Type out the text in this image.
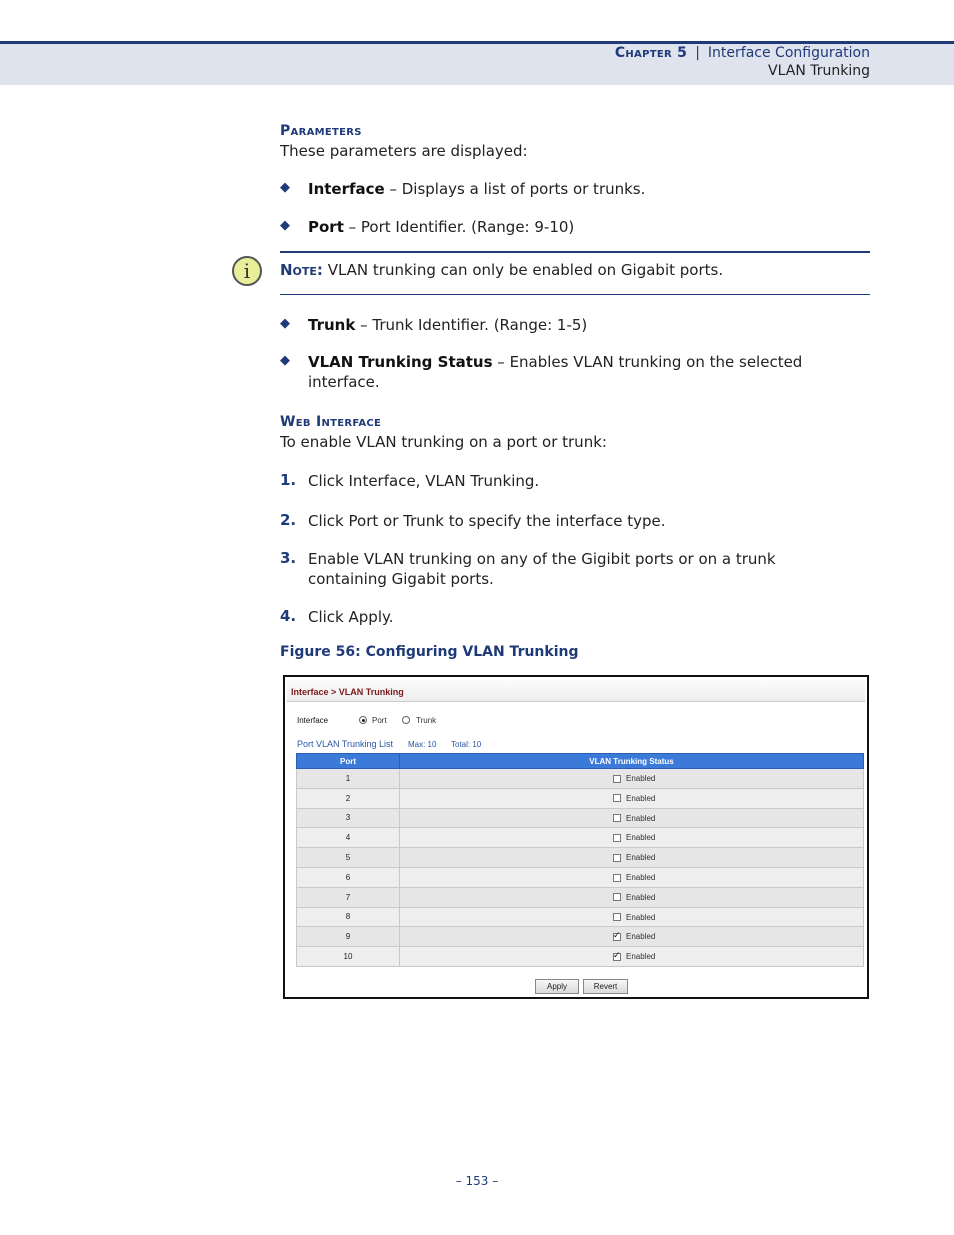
Chapter 5 | Interface Configuration
VLAN Trunking
Parameters
These parameters are displayed:
◆ Interface – Displays a list of ports or trunks.
◆ Port – Port Identifier. (Range: 9-10)
i	Note: VLAN trunking can only be enabled on Gigabit ports.
◆ Trunk – Trunk Identifier. (Range: 1-5)
◆ VLAN Trunking Status – Enables VLAN trunking on the selected interface.
Web Interface
To enable VLAN trunking on a port or trunk:
1. Click Interface, VLAN Trunking.
2. Click Port or Trunk to specify the interface type.
3. Enable VLAN trunking on any of the Gigibit ports or on a trunk containing Gigabit ports.
4. Click Apply.
Figure 56: Configuring VLAN Trunking
Interface > VLAN Trunking
Interface	Port	Trunk
Port VLAN Trunking List Max: 10 Total: 10
Port	VLAN Trunking Status
1	Enabled
2	Enabled
3	Enabled
4	Enabled
5	Enabled
6	Enabled
7	Enabled
8	Enabled
9	✓Enabled
10	✓Enabled
Apply	Revert
– 153 –
